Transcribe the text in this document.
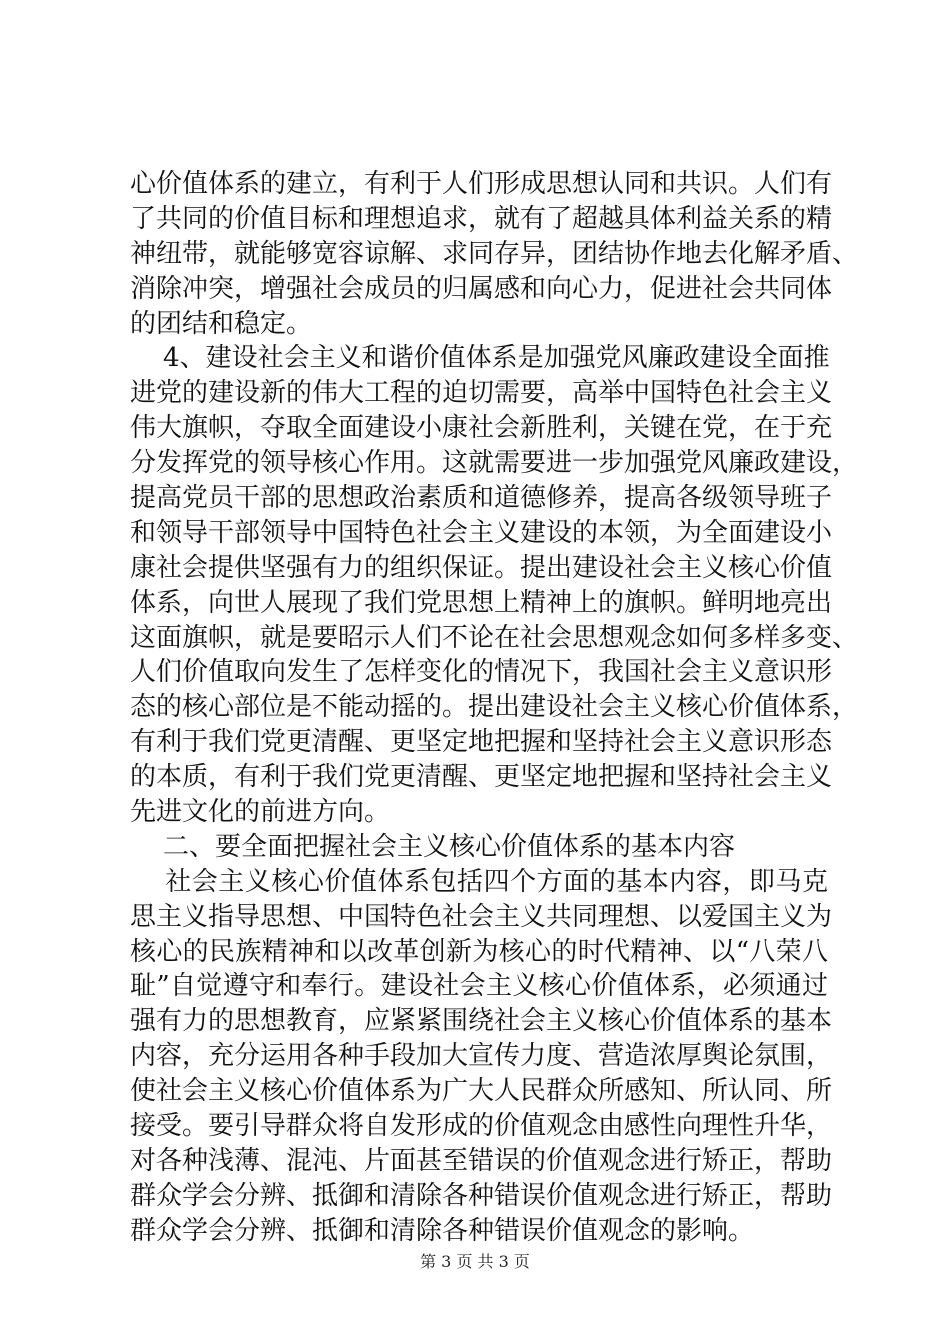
心价值体系的建立，有利于人们形成思想认同和共识。人们有
了共同的价值目标和理想追求，就有了超越具体利益关系的精
神纽带，就能够宽容谅解、求同存异，团结协作地去化解矛盾、
消除冲突，增强社会成员的归属感和向心力，促进社会共同体
的团结和稳定。
4、建设社会主义和谐价值体系是加强党风廉政建设全面推
进党的建设新的伟大工程的迫切需要，高举中国特色社会主义
伟大旗帜，夺取全面建设小康社会新胜利，关键在党，在于充
分发挥党的领导核心作用。这就需要进一步加强党风廉政建设，
提高党员干部的思想政治素质和道德修养，提高各级领导班子
和领导干部领导中国特色社会主义建设的本领，为全面建设小
康社会提供坚强有力的组织保证。提出建设社会主义核心价值
体系，向世人展现了我们党思想上精神上的旗帜。鲜明地亮出
这面旗帜，就是要昭示人们不论在社会思想观念如何多样多变、
人们价值取向发生了怎样变化的情况下，我国社会主义意识形
态的核心部位是不能动摇的。提出建设社会主义核心价值体系，
有利于我们党更清醒、更坚定地把握和坚持社会主义意识形态
的本质，有利于我们党更清醒、更坚定地把握和坚持社会主义
先进文化的前进方向。
二、要全面把握社会主义核心价值体系的基本内容
社会主义核心价值体系包括四个方面的基本内容，即马克
思主义指导思想、中国特色社会主义共同理想、以爱国主义为
核心的民族精神和以改革创新为核心的时代精神、以“八荣八
耻”自觉遵守和奉行。建设社会主义核心价值体系，必须通过
强有力的思想教育，应紧紧围绕社会主义核心价值体系的基本
内容，充分运用各种手段加大宣传力度、营造浓厚舆论氛围，
使社会主义核心价值体系为广大人民群众所感知、所认同、所
接受。要引导群众将自发形成的价值观念由感性向理性升华，
对各种浅薄、混沌、片面甚至错误的价值观念进行矫正，帮助
群众学会分辨、抵御和清除各种错误价值观念进行矫正，帮助
群众学会分辨、抵御和清除各种错误价值观念的影响。
第 3 页 共 3 页
